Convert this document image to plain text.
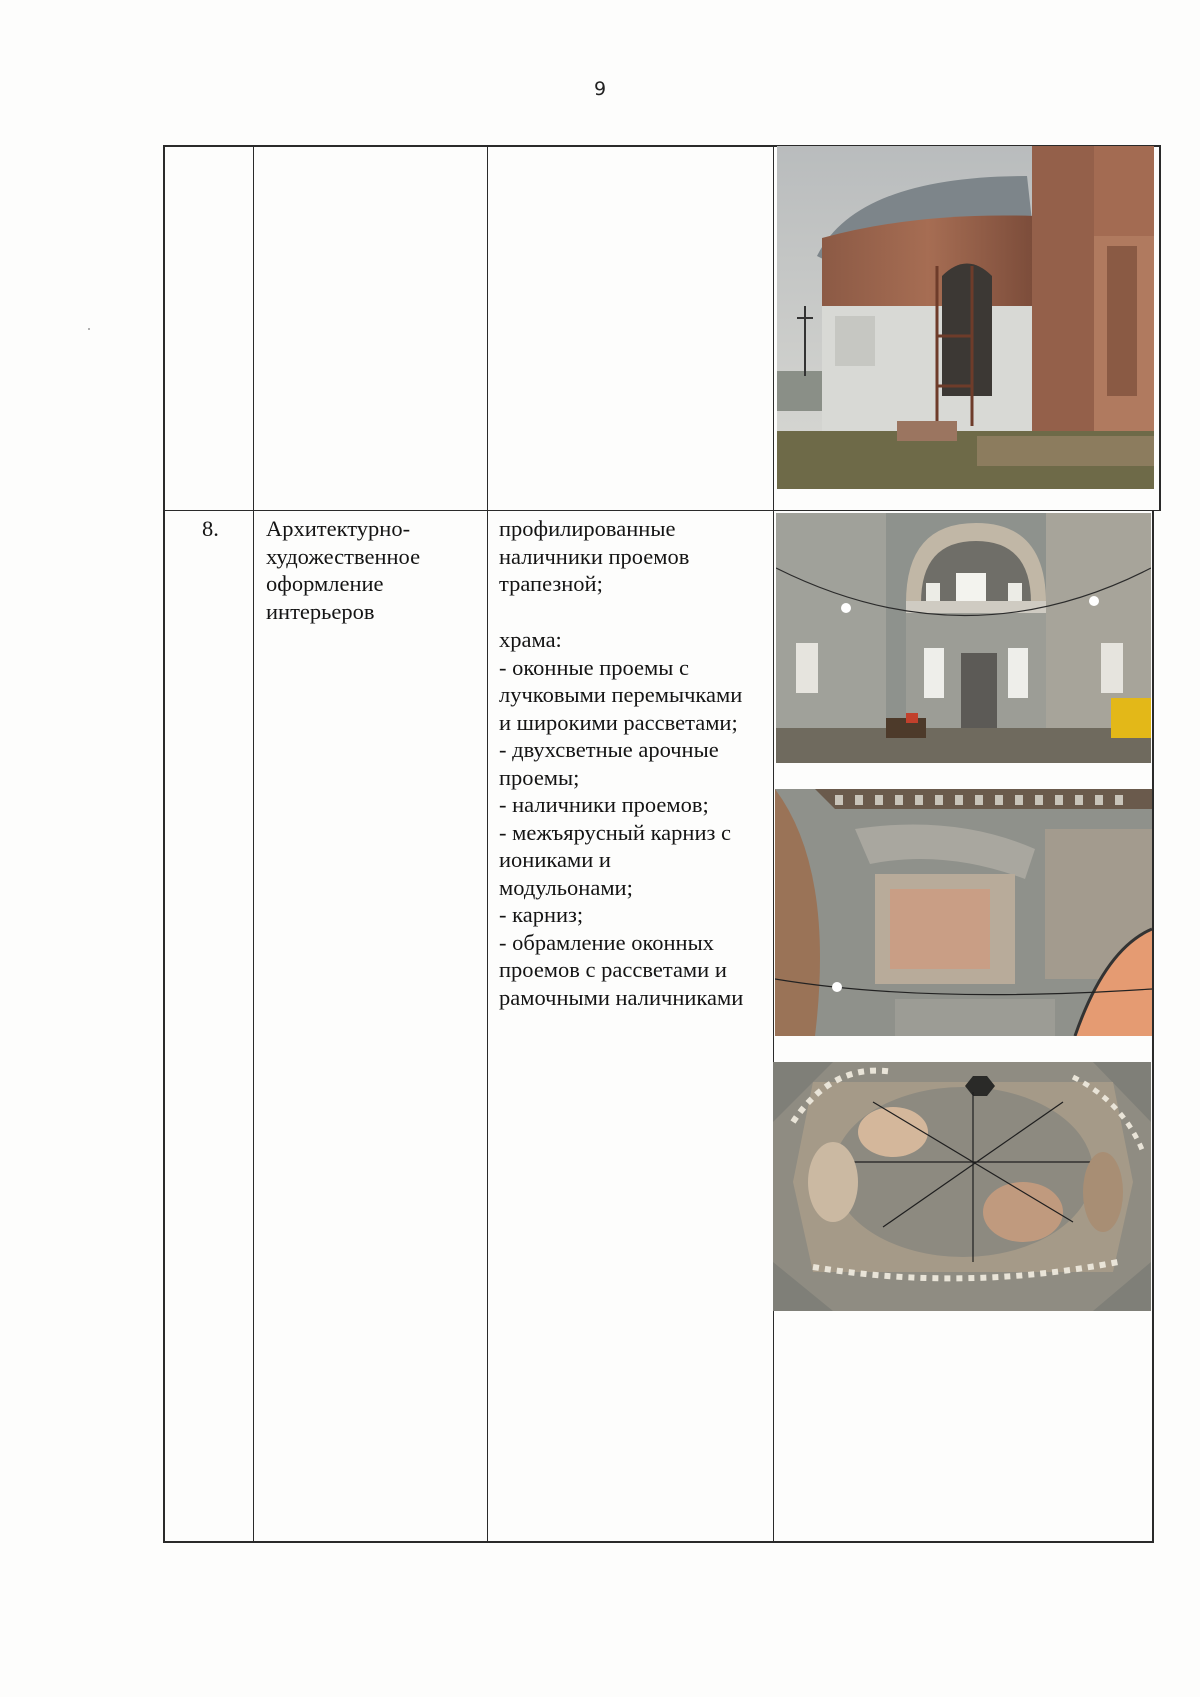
9
8. Архитектурно-
художественное
оформление
интерьеров
профилированные
наличники проемов
трапезной;
храма:
- оконные проемы с
лучковыми перемычками
и широкими рассветами;
- двухсветные арочные
проемы;
- наличники проемов;
- межъярусный карниз с
иониками и
модульонами;
- карниз;
- обрамление оконных
проемов с рассветами и
рамочными наличниками
